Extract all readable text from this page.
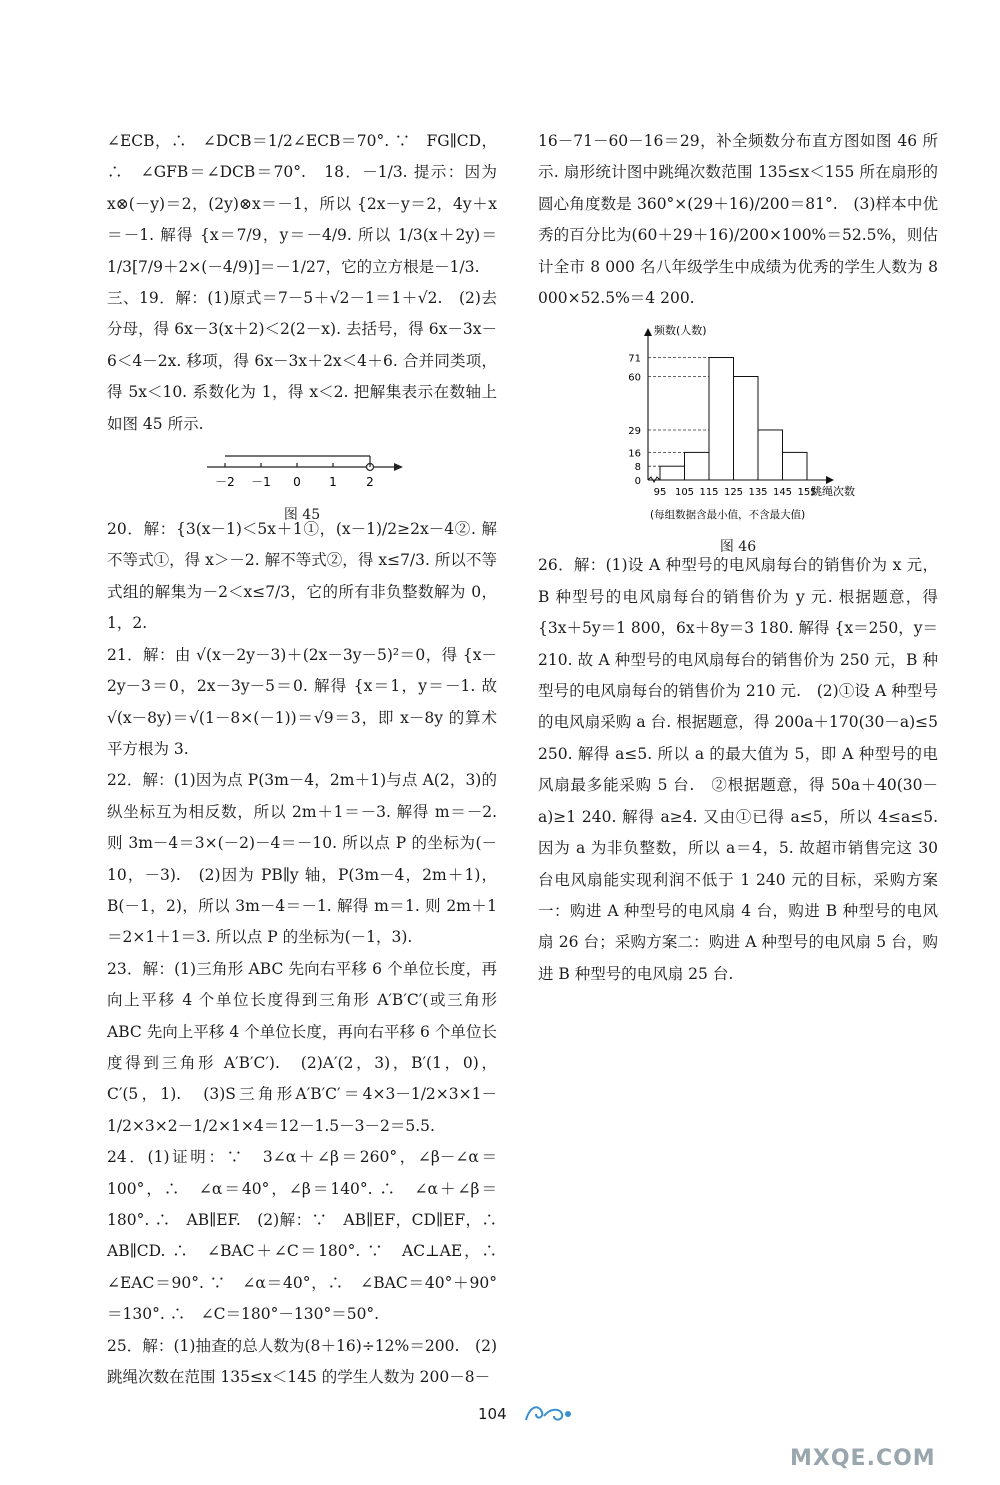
∠ECB，∴　∠DCB＝1/2∠ECB＝70°. ∵　FG∥CD，∴　∠GFB＝∠DCB＝70°.　18．－1/3. 提示：因为 x⊗(－y)＝2，(2y)⊗x＝－1，所以 {2x－y＝2，4y＋x＝－1. 解得 {x＝7/9，y＝－4/9. 所以 1/3(x＋2y)＝1/3[7/9＋2×(－4/9)]＝－1/27，它的立方根是－1/3.

三、19．解：(1)原式＝7－5＋√2－1＝1＋√2.　(2)去分母，得 6x－3(x＋2)＜2(2－x). 去括号，得 6x－3x－6＜4－2x. 移项，得 6x－3x＋2x＜4＋6. 合并同类项，得 5x＜10. 系数化为 1，得 x＜2. 把解集表示在数轴上如图 45 所示.

－2 －1 0 1 2
图 45

20．解：{3(x－1)＜5x＋1①，(x－1)/2≥2x－4②. 解不等式①，得 x＞－2. 解不等式②，得 x≤7/3. 所以不等式组的解集为－2＜x≤7/3，它的所有非负整数解为 0，1，2.

21．解：由 √(x－2y－3)＋(2x－3y－5)²＝0，得 {x－2y－3＝0，2x－3y－5＝0. 解得 {x＝1，y＝－1. 故 √(x－8y)＝√(1－8×(－1))＝√9＝3，即 x－8y 的算术平方根为 3.

22．解：(1)因为点 P(3m－4，2m＋1)与点 A(2，3)的纵坐标互为相反数，所以 2m＋1＝－3. 解得 m＝－2. 则 3m－4＝3×(－2)－4＝－10. 所以点 P 的坐标为(－10，－3).　(2)因为 PB∥y 轴，P(3m－4，2m＋1)，B(－1，2)，所以 3m－4＝－1. 解得 m＝1. 则 2m＋1＝2×1＋1＝3. 所以点 P 的坐标为(－1，3).

23．解：(1)三角形 ABC 先向右平移 6 个单位长度，再向上平移 4 个单位长度得到三角形 A′B′C′(或三角形 ABC 先向上平移 4 个单位长度，再向右平移 6 个单位长度得到三角形 A′B′C′).　(2)A′(2，3)，B′(1，0)，C′(5，1).　(3)S三角形A′B′C′＝4×3－1/2×3×1－1/2×3×2－1/2×1×4＝12－1.5－3－2＝5.5.

24．(1)证明：∵　3∠α＋∠β＝260°，∠β－∠α＝100°，∴　∠α＝40°，∠β＝140°. ∴　∠α＋∠β＝180°. ∴　AB∥EF.　(2)解：∵　AB∥EF，CD∥EF，∴　AB∥CD. ∴　∠BAC＋∠C＝180°. ∵　AC⊥AE，∴　∠EAC＝90°. ∵　∠α＝40°，∴　∠BAC＝40°＋90°＝130°. ∴　∠C＝180°－130°＝50°.

25．解：(1)抽查的总人数为(8＋16)÷12%＝200.　(2)跳绳次数在范围 135≤x＜145 的学生人数为 200－8－

16－71－60－16＝29，补全频数分布直方图如图 46 所示. 扇形统计图中跳绳次数范围 135≤x＜155 所在扇形的圆心角度数是 360°×(29＋16)/200＝81°.　(3)样本中优秀的百分比为(60＋29＋16)/200×100%＝52.5%，则估计全市 8 000 名八年级学生中成绩为优秀的学生人数为 8 000×52.5%＝4 200.

频数(人数)
0
8
16
29
60
71
95 105 115 125 135 145 155
跳绳次数
(每组数据含最小值，不含最大值)
图 46

26．解：(1)设 A 种型号的电风扇每台的销售价为 x 元，B 种型号的电风扇每台的销售价为 y 元. 根据题意，得 {3x＋5y＝1 800，6x＋8y＝3 180. 解得 {x＝250，y＝210. 故 A 种型号的电风扇每台的销售价为 250 元，B 种型号的电风扇每台的销售价为 210 元.　(2)①设 A 种型号的电风扇采购 a 台. 根据题意，得 200a＋170(30－a)≤5 250. 解得 a≤5. 所以 a 的最大值为 5，即 A 种型号的电风扇最多能采购 5 台.　②根据题意，得 50a＋40(30－a)≥1 240. 解得 a≥4. 又由①已得 a≤5，所以 4≤a≤5. 因为 a 为非负整数，所以 a＝4，5. 故超市销售完这 30 台电风扇能实现利润不低于 1 240 元的目标，采购方案一：购进 A 种型号的电风扇 4 台，购进 B 种型号的电风扇 26 台；采购方案二：购进 A 种型号的电风扇 5 台，购进 B 种型号的电风扇 25 台.

104
MXQE.COM
